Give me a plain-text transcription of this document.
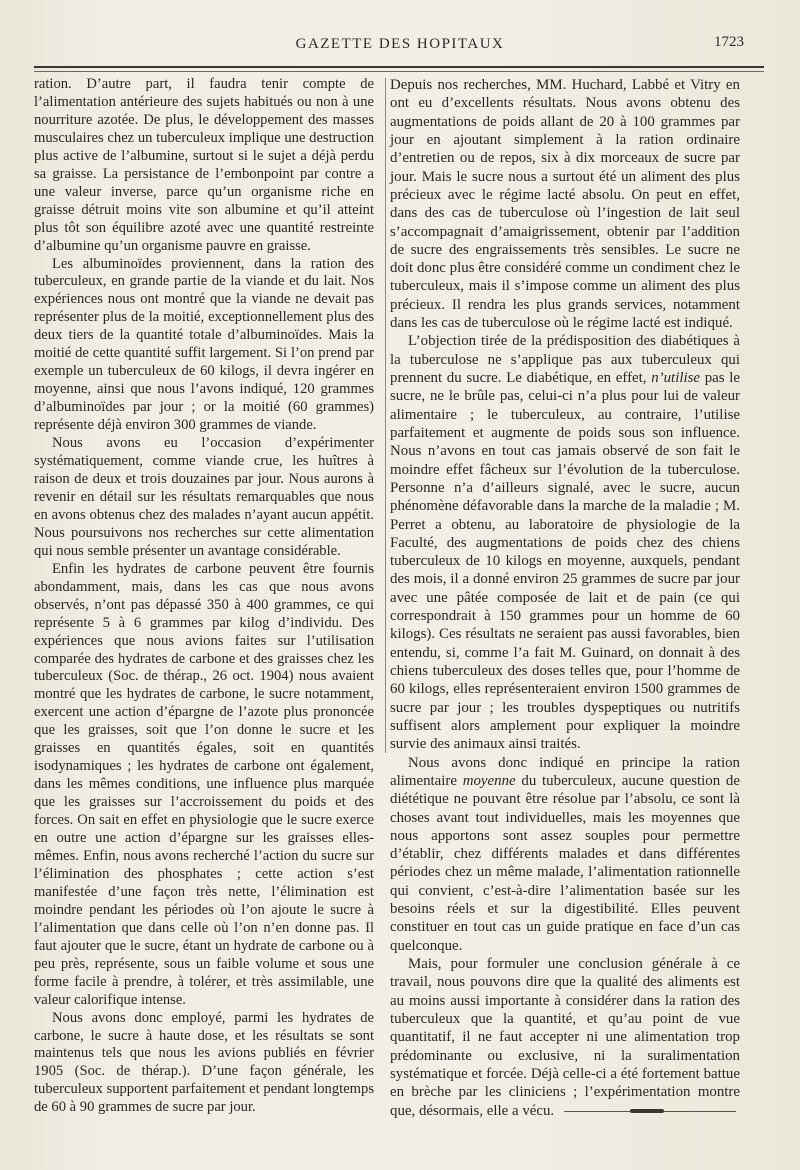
GAZETTE DES HOPITAUX	1723

ration. D’autre part, il faudra tenir compte de l’alimentation antérieure des sujets habitués ou non à une nourriture azotée. De plus, le développement des masses musculaires chez un tuberculeux implique une destruction plus active de l’albumine, surtout si le sujet a déjà perdu sa graisse. La persistance de l’embonpoint par contre a une valeur inverse, parce qu’un organisme riche en graisse détruit moins vite son albumine et qu’il atteint plus tôt son équilibre azoté avec une quantité restreinte d’albumine qu’un organisme pauvre en graisse.

Les albuminoïdes proviennent, dans la ration des tuberculeux, en grande partie de la viande et du lait. Nos expériences nous ont montré que la viande ne devait pas représenter plus de la moitié, exceptionnellement plus des deux tiers de la quantité totale d’albuminoïdes. Mais la moitié de cette quantité suffit largement. Si l’on prend par exemple un tuberculeux de 60 kilogs, il devra ingérer en moyenne, ainsi que nous l’avons indiqué, 120 grammes d’albuminoïdes par jour ; or la moitié (60 grammes) représente déjà environ 300 grammes de viande.

Nous avons eu l’occasion d’expérimenter systématiquement, comme viande crue, les huîtres à raison de deux et trois douzaines par jour. Nous aurons à revenir en détail sur les résultats remarquables que nous en avons obtenus chez des malades n’ayant aucun appétit. Nous poursuivons nos recherches sur cette alimentation qui nous semble présenter un avantage considérable.

Enfin les hydrates de carbone peuvent être fournis abondamment, mais, dans les cas que nous avons observés, n’ont pas dépassé 350 à 400 grammes, ce qui représente 5 à 6 grammes par kilog d’individu. Des expériences que nous avions faites sur l’utilisation comparée des hydrates de carbone et des graisses chez les tuberculeux (Soc. de thérap., 26 oct. 1904) nous avaient montré que les hydrates de carbone, le sucre notamment, exercent une action d’épargne de l’azote plus prononcée que les graisses, soit que l’on donne le sucre et les graisses en quantités égales, soit en quantités isodynamiques ; les hydrates de carbone ont également, dans les mêmes conditions, une influence plus marquée que les graisses sur l’accroissement du poids et des forces. On sait en effet en physiologie que le sucre exerce en outre une action d’épargne sur les graisses elles-mêmes. Enfin, nous avons recherché l’action du sucre sur l’élimination des phosphates ; cette action s’est manifestée d’une façon très nette, l’élimination est moindre pendant les périodes où l’on ajoute le sucre à l’alimentation que dans celle où l’on n’en donne pas. Il faut ajouter que le sucre, étant un hydrate de carbone ou à peu près, représente, sous un faible volume et sous une forme facile à prendre, à tolérer, et très assimilable, une valeur calorifique intense.

Nous avons donc employé, parmi les hydrates de carbone, le sucre à haute dose, et les résultats se sont maintenus tels que nous les avions publiés en février 1905 (Soc. de thérap.). D’une façon générale, les tuberculeux supportent parfaitement et pendant longtemps de 60 à 90 grammes de sucre par jour.

Depuis nos recherches, MM. Huchard, Labbé et Vitry en ont eu d’excellents résultats. Nous avons obtenu des augmentations de poids allant de 20 à 100 grammes par jour en ajoutant simplement à la ration ordinaire d’entretien ou de repos, six à dix morceaux de sucre par jour. Mais le sucre nous a surtout été un aliment des plus précieux avec le régime lacté absolu. On peut en effet, dans des cas de tuberculose où l’ingestion de lait seul s’accompagnait d’amaigrissement, obtenir par l’addition de sucre des engraissements très sensibles. Le sucre ne doit donc plus être considéré comme un condiment chez le tuberculeux, mais il s’impose comme un aliment des plus précieux. Il rendra les plus grands services, notamment dans les cas de tuberculose où le régime lacté est indiqué.

L’objection tirée de la prédisposition des diabétiques à la tuberculose ne s’applique pas aux tuberculeux qui prennent du sucre. Le diabétique, en effet, n’utilise pas le sucre, ne le brûle pas, celui-ci n’a plus pour lui de valeur alimentaire ; le tuberculeux, au contraire, l’utilise parfaitement et augmente de poids sous son influence. Nous n’avons en tout cas jamais observé de son fait le moindre effet fâcheux sur l’évolution de la tuberculose. Personne n’a d’ailleurs signalé, avec le sucre, aucun phénomène défavorable dans la marche de la maladie ; M. Perret a obtenu, au laboratoire de physiologie de la Faculté, des augmentations de poids chez des chiens tuberculeux de 10 kilogs en moyenne, auxquels, pendant des mois, il a donné environ 25 grammes de sucre par jour avec une pâtée composée de lait et de pain (ce qui correspondrait à 150 grammes pour un homme de 60 kilogs). Ces résultats ne seraient pas aussi favorables, bien entendu, si, comme l’a fait M. Guinard, on donnait à des chiens tuberculeux des doses telles que, pour l’homme de 60 kilogs, elles représenteraient environ 1500 grammes de sucre par jour ; les troubles dyspeptiques ou nutritifs suffisent alors amplement pour expliquer la moindre survie des animaux ainsi traités.

Nous avons donc indiqué en principe la ration alimentaire moyenne du tuberculeux, aucune question de diététique ne pouvant être résolue par l’absolu, ce sont là choses avant tout individuelles, mais les moyennes que nous apportons sont assez souples pour permettre d’établir, chez différents malades et dans différentes périodes chez un même malade, l’alimentation rationnelle qui convient, c’est-à-dire l’alimentation basée sur les besoins réels et sur la digestibilité. Elles peuvent constituer en tout cas un guide pratique en face d’un cas quelconque.

Mais, pour formuler une conclusion générale à ce travail, nous pouvons dire que la qualité des aliments est au moins aussi importante à considérer dans la ration des tuberculeux que la quantité, et qu’au point de vue quantitatif, il ne faut accepter ni une alimentation trop prédominante ou exclusive, ni la suralimentation systématique et forcée. Déjà celle-ci a été fortement battue en brèche par les cliniciens ; l’expérimentation montre que, désormais, elle a vécu.
